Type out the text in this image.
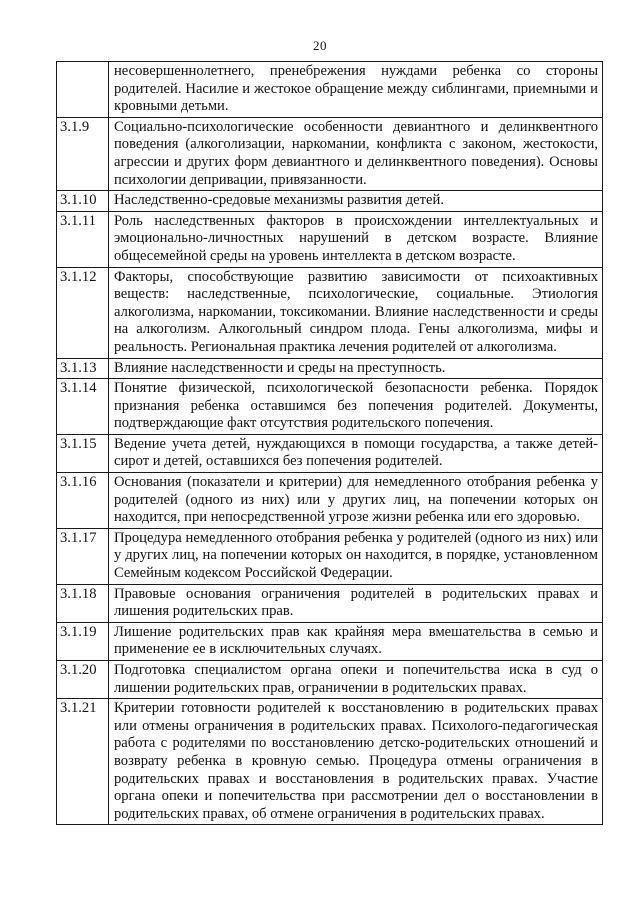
20
	несовершеннолетнего, пренебрежения нуждами ребенка со стороны родителей. Насилие и жестокое обращение между сиблингами, приемными и кровными детьми.
3.1.9	Социально-психологические особенности девиантного и делинквентного поведения (алкоголизации, наркомании, конфликта с законом, жестокости, агрессии и других форм девиантного и делинквентного поведения). Основы психологии депривации, привязанности.
3.1.10	Наследственно-средовые механизмы развития детей.
3.1.11	Роль наследственных факторов в происхождении интеллектуальных и эмоционально-личностных нарушений в детском возрасте. Влияние общесемейной среды на уровень интеллекта в детском возрасте.
3.1.12	Факторы, способствующие развитию зависимости от психоактивных веществ: наследственные, психологические, социальные. Этиология алкоголизма, наркомании, токсикомании. Влияние наследственности и среды на алкоголизм. Алкогольный синдром плода. Гены алкоголизма, мифы и реальность. Региональная практика лечения родителей от алкоголизма.
3.1.13	Влияние наследственности и среды на преступность.
3.1.14	Понятие физической, психологической безопасности ребенка. Порядок признания ребенка оставшимся без попечения родителей. Документы, подтверждающие факт отсутствия родительского попечения.
3.1.15	Ведение учета детей, нуждающихся в помощи государства, а также детей-сирот и детей, оставшихся без попечения родителей.
3.1.16	Основания (показатели и критерии) для немедленного отобрания ребенка у родителей (одного из них) или у других лиц, на попечении которых он находится, при непосредственной угрозе жизни ребенка или его здоровью.
3.1.17	Процедура немедленного отобрания ребенка у родителей (одного из них) или у других лиц, на попечении которых он находится, в порядке, установленном Семейным кодексом Российской Федерации.
3.1.18	Правовые основания ограничения родителей в родительских правах и лишения родительских прав.
3.1.19	Лишение родительских прав как крайняя мера вмешательства в семью и применение ее в исключительных случаях.
3.1.20	Подготовка специалистом органа опеки и попечительства иска в суд о лишении родительских прав, ограничении в родительских правах.
3.1.21	Критерии готовности родителей к восстановлению в родительских правах или отмены ограничения в родительских правах. Психолого-педагогическая работа с родителями по восстановлению детско-родительских отношений и возврату ребенка в кровную семью. Процедура отмены ограничения в родительских правах и восстановления в родительских правах. Участие органа опеки и попечительства при рассмотрении дел о восстановлении в родительских правах, об отмене ограничения в родительских правах.
